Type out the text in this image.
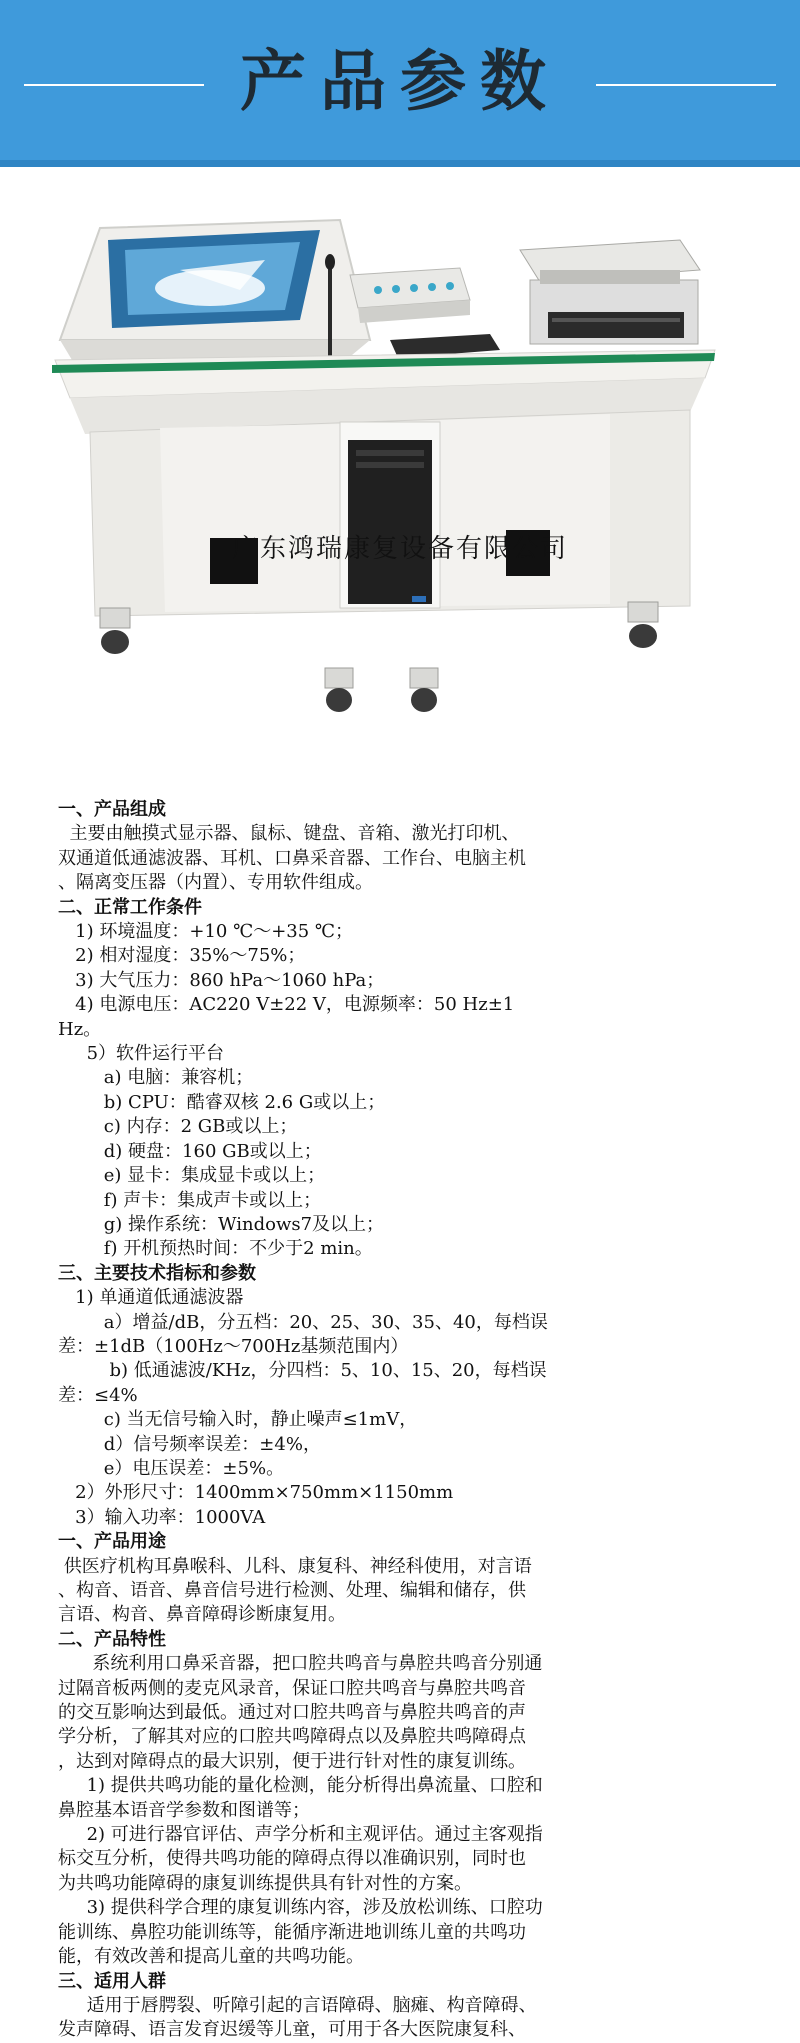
产品参数
广东鸿瑞康复设备有限公司
一、产品组成
主要由触摸式显示器、鼠标、键盘、音箱、激光打印机、
双通道低通滤波器、耳机、口鼻采音器、工作台、电脑主机
、隔离变压器（内置）、专用软件组成。
二、正常工作条件
1) 环境温度：+10 ℃～+35 ℃；
2) 相对湿度：35%～75%；
3) 大气压力：860 hPa～1060 hPa；
4) 电源电压：AC220 V±22 V，电源频率：50 Hz±1
Hz。
5）软件运行平台
a) 电脑：兼容机；
b) CPU：酷睿双核 2.6 G或以上；
c) 内存：2 GB或以上；
d) 硬盘：160 GB或以上；
e) 显卡：集成显卡或以上；
f) 声卡：集成声卡或以上；
g) 操作系统：Windows7及以上；
f) 开机预热时间：不少于2 min。
三、主要技术指标和参数
1) 单通道低通滤波器
a）增益/dB，分五档：20、25、30、35、40，每档误
差：±1dB（100Hz～700Hz基频范围内）
b) 低通滤波/KHz，分四档：5、10、15、20，每档误
差：≤4%
c) 当无信号输入时，静止噪声≤1mV，
d）信号频率误差：±4%，
e）电压误差：±5%。
2）外形尺寸：1400mm×750mm×1150mm
3）输入功率：1000VA
一、产品用途
供医疗机构耳鼻喉科、儿科、康复科、神经科使用，对言语
、构音、语音、鼻音信号进行检测、处理、编辑和储存，供
言语、构音、鼻音障碍诊断康复用。
二、产品特性
系统利用口鼻采音器，把口腔共鸣音与鼻腔共鸣音分别通
过隔音板两侧的麦克风录音，保证口腔共鸣音与鼻腔共鸣音
的交互影响达到最低。通过对口腔共鸣音与鼻腔共鸣音的声
学分析，了解其对应的口腔共鸣障碍点以及鼻腔共鸣障碍点
，达到对障碍点的最大识别，便于进行针对性的康复训练。
1) 提供共鸣功能的量化检测，能分析得出鼻流量、口腔和
鼻腔基本语音学参数和图谱等；
2) 可进行器官评估、声学分析和主观评估。通过主客观指
标交互分析，使得共鸣功能的障碍点得以准确识别，同时也
为共鸣功能障碍的康复训练提供具有针对性的方案。
3) 提供科学合理的康复训练内容，涉及放松训练、口腔功
能训练、鼻腔功能训练等，能循序渐进地训练儿童的共鸣功
能，有效改善和提高儿童的共鸣功能。
三、适用人群
适用于唇腭裂、听障引起的言语障碍、脑瘫、构音障碍、
发声障碍、语言发育迟缓等儿童，可用于各大医院康复科、
